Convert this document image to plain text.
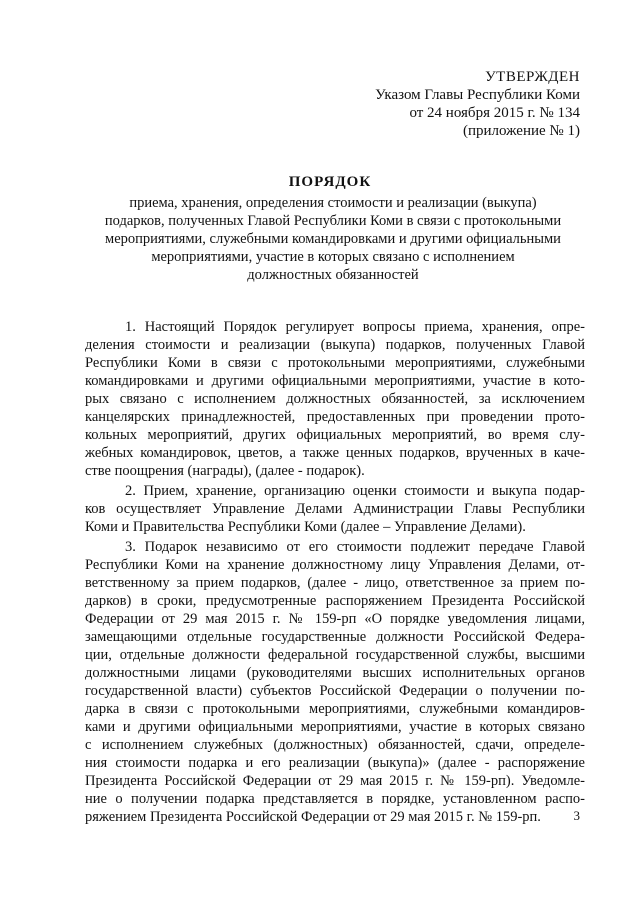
УТВЕРЖДЕН
Указом Главы Республики Коми
от 24 ноября 2015 г. № 134
(приложение № 1)
ПОРЯДОК
приема, хранения, определения стоимости и реализации (выкупа)
подарков, полученных Главой Республики Коми в связи с протокольными
мероприятиями, служебными командировками и другими официальными
мероприятиями, участие в которых связано с исполнением
должностных обязанностей
1. Настоящий Порядок регулирует вопросы приема, хранения, опре-
деления стоимости и реализации (выкупа) подарков, полученных Главой
Республики Коми в связи с протокольными мероприятиями, служебными
командировками и другими официальными мероприятиями, участие в кото-
рых связано с исполнением должностных обязанностей, за исключением
канцелярских принадлежностей, предоставленных при проведении прото-
кольных мероприятий, других официальных мероприятий, во время слу-
жебных командировок, цветов, а также ценных подарков, врученных в каче-
стве поощрения (награды), (далее - подарок).
2. Прием, хранение, организацию оценки стоимости и выкупа подар-
ков осуществляет Управление Делами Администрации Главы Республики
Коми и Правительства Республики Коми (далее – Управление Делами).
3. Подарок независимо от его стоимости подлежит передаче Главой
Республики Коми на хранение должностному лицу Управления Делами, от-
ветственному за прием подарков, (далее - лицо, ответственное за прием по-
дарков) в сроки, предусмотренные распоряжением Президента Российской
Федерации от 29 мая 2015 г. № 159-рп «О порядке уведомления лицами,
замещающими отдельные государственные должности Российской Федера-
ции, отдельные должности федеральной государственной службы, высшими
должностными лицами (руководителями высших исполнительных органов
государственной власти) субъектов Российской Федерации о получении по-
дарка в связи с протокольными мероприятиями, служебными командиров-
ками и другими официальными мероприятиями, участие в которых связано
с исполнением служебных (должностных) обязанностей, сдачи, определе-
ния стоимости подарка и его реализации (выкупа)» (далее - распоряжение
Президента Российской Федерации от 29 мая 2015 г. № 159-рп). Уведомле-
ние о получении подарка представляется в порядке, установленном распо-
ряжением Президента Российской Федерации от 29 мая 2015 г. № 159-рп.	3
